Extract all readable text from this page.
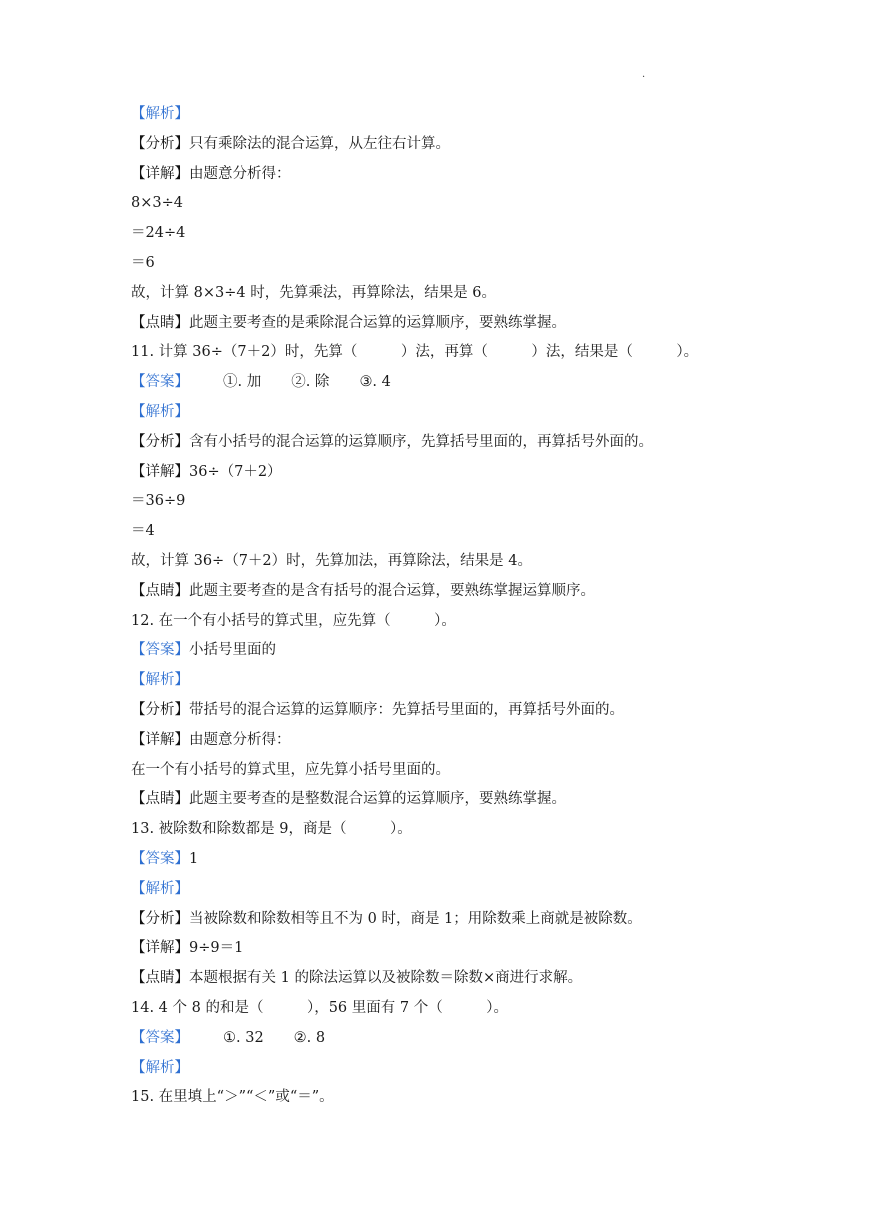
·
【解析】
【分析】只有乘除法的混合运算，从左往右计算。
【详解】由题意分析得：
8×3÷4
＝24÷4
＝6
故，计算 8×3÷4 时，先算乘法，再算除法，结果是 6。
【点睛】此题主要考查的是乘除混合运算的运算顺序，要熟练掌握。
11. 计算 36÷（7＋2）时，先算（　　　）法，再算（　　　）法，结果是（　　　）。
【答案】 ①. 加 ②. 除 ③. 4
【解析】
【分析】含有小括号的混合运算的运算顺序，先算括号里面的，再算括号外面的。
【详解】36÷（7＋2）
＝36÷9
＝4
故，计算 36÷（7＋2）时，先算加法，再算除法，结果是 4。
【点睛】此题主要考查的是含有括号的混合运算，要熟练掌握运算顺序。
12. 在一个有小括号的算式里，应先算（　　　）。
【答案】小括号里面的
【解析】
【分析】带括号的混合运算的运算顺序：先算括号里面的，再算括号外面的。
【详解】由题意分析得：
在一个有小括号的算式里，应先算小括号里面的。
【点睛】此题主要考查的是整数混合运算的运算顺序，要熟练掌握。
13. 被除数和除数都是 9，商是（　　　）。
【答案】1
【解析】
【分析】当被除数和除数相等且不为 0 时，商是 1；用除数乘上商就是被除数。
【详解】9÷9＝1
【点睛】本题根据有关 1 的除法运算以及被除数＝除数×商进行求解。
14. 4 个 8 的和是（　　　），56 里面有 7 个（　　　）。
【答案】 ①. 32 ②. 8
【解析】
15. 在里填上“＞”“＜”或“＝”。
